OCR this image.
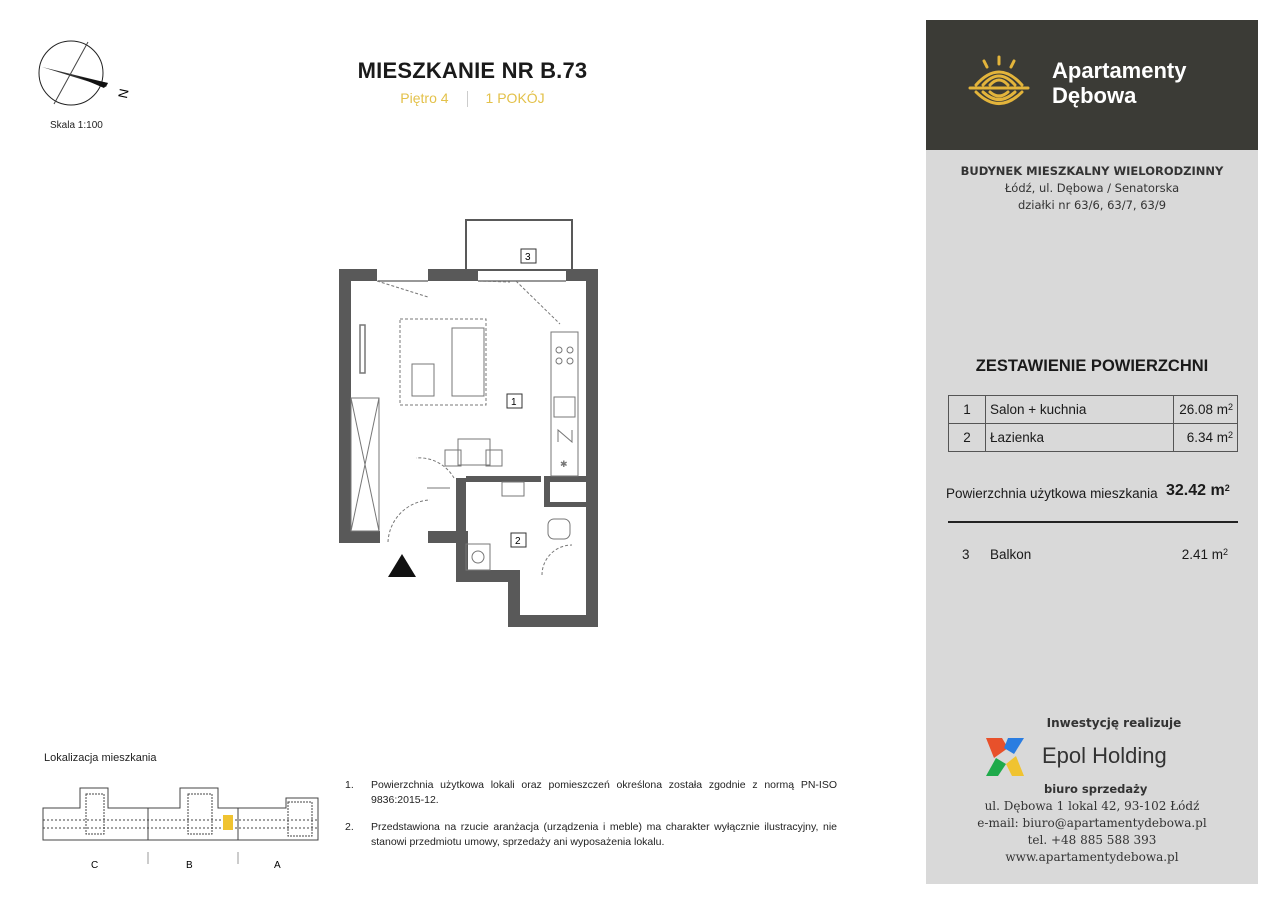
N
Skala 1:100
MIESZKANIE NR B.73
Piętro 4	1 POKÓJ
✱
3
1
2
Lokalizacja mieszkania
C	B	A
1.	Powierzchnia użytkowa lokali oraz pomieszczeń określona została zgodnie z normą PN-ISO 9836:2015-12.
2.	Przedstawiona na rzucie aranżacja (urządzenia i meble) ma charakter wyłącznie ilustracyjny, nie stanowi przedmiotu umowy, sprzedaży ani wyposażenia lokalu.
Apartamenty
Dębowa
BUDYNEK MIESZKALNY WIELORODZINNY
Łódź, ul. Dębowa / Senatorska
działki nr 63/6, 63/7, 63/9
ZESTAWIENIE POWIERZCHNI
1	Salon + kuchnia	26.08 $m^2$
2	Łazienka	6.34 $m^2$
Powierzchnia użytkowa mieszkania 32.42 $m^2$
3 Balkon	2.41 $m^2$
Inwestycję realizuje
Epol Holding
biuro sprzedaży
ul. Dębowa 1 lokal 42, 93-102 Łódź
e-mail: biuro@apartamentydebowa.pl
tel. +48 885 588 393
www.apartamentydebowa.pl
